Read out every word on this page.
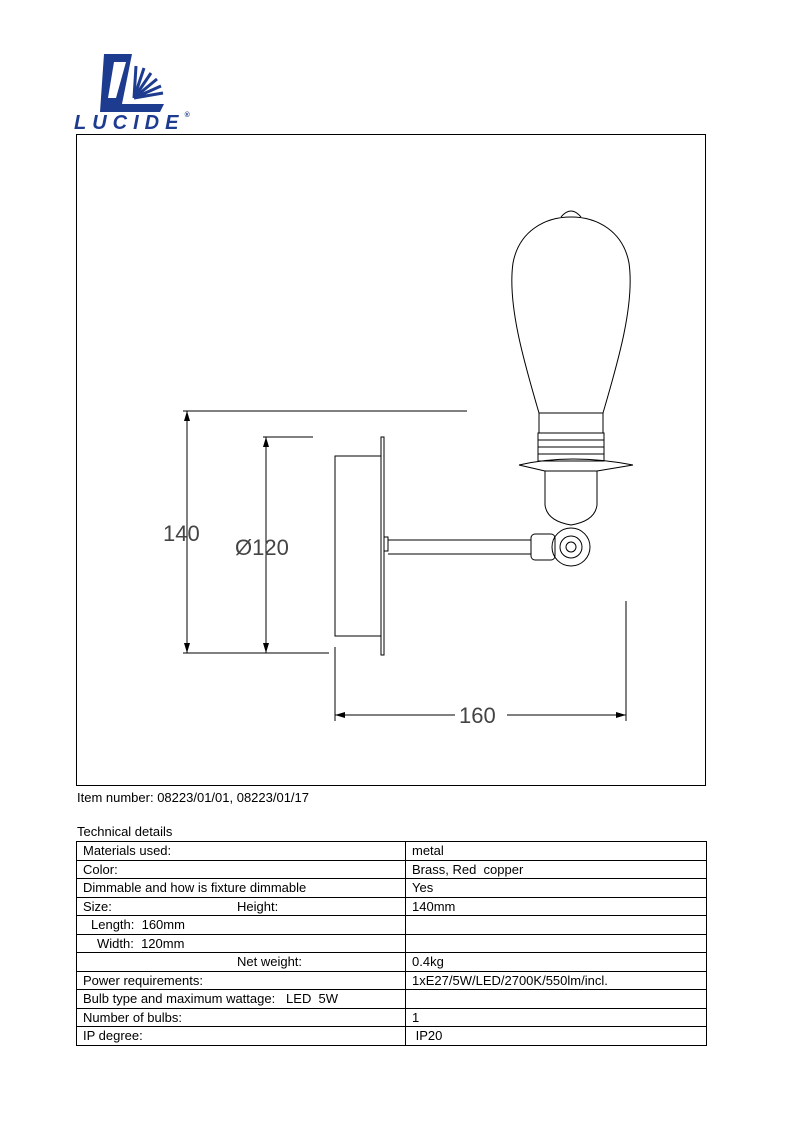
LUCIDE®
140
Ø120
160
Item number: 08223/01/01, 08223/01/17
Technical details
Materials used:	metal
Color:	Brass, Red  copper
Dimmable and how is fixture dimmable	Yes
Size: Height:	140mm
Length:  160mm	
Width:  120mm	

Net weight:	0.4kg
Power requirements:	1xE27/5W/LED/2700K/550lm/incl.
Bulb type and maximum wattage:   LED  5W	
Number of bulbs:	1
IP degree:	IP20
